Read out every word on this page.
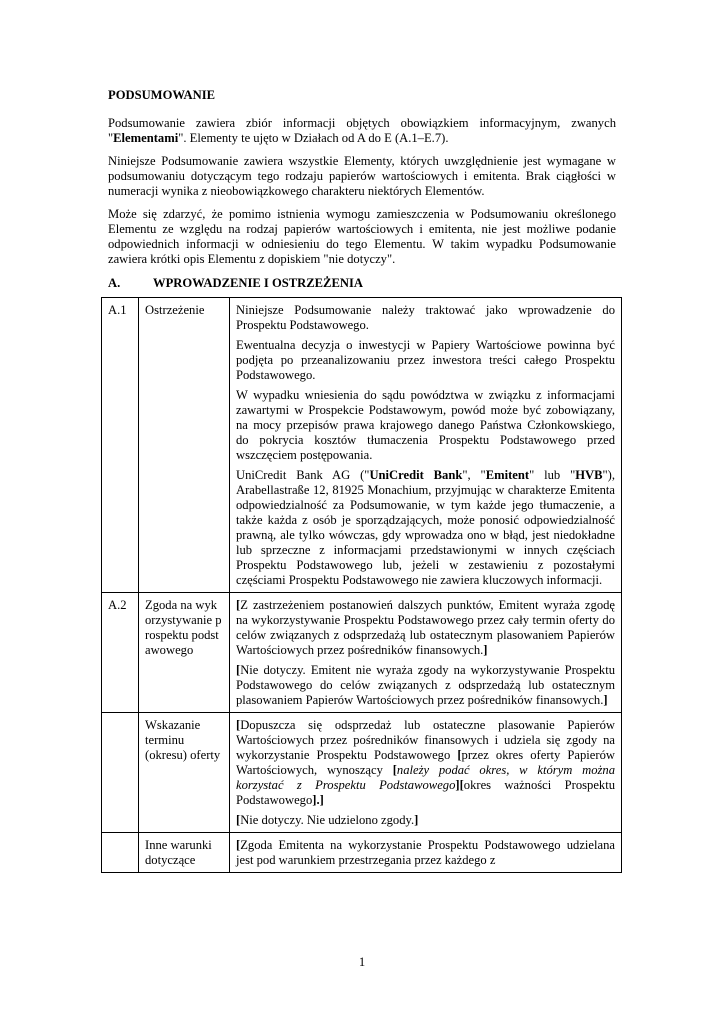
PODSUMOWANIE

Podsumowanie zawiera zbiór informacji objętych obowiązkiem informacyjnym, zwanych "Elementami". Elementy te ujęto w Działach od A do E (A.1–E.7).

Niniejsze Podsumowanie zawiera wszystkie Elementy, których uwzględnienie jest wymagane w podsumowaniu dotyczącym tego rodzaju papierów wartościowych i emitenta. Brak ciągłości w numeracji wynika z nieobowiązkowego charakteru niektórych Elementów.

Może się zdarzyć, że pomimo istnienia wymogu zamieszczenia w Podsumowaniu określonego Elementu ze względu na rodzaj papierów wartościowych i emitenta, nie jest możliwe podanie odpowiednich informacji w odniesieniu do tego Elementu. W takim wypadku Podsumowanie zawiera krótki opis Elementu z dopiskiem "nie dotyczy".

A.	WPROWADZENIE I OSTRZEŻENIA
A.1	Ostrzeżenie	Niniejsze Podsumowanie należy traktować jako wprowadzenie do Prospektu Podstawowego.

Ewentualna decyzja o inwestycji w Papiery Wartościowe powinna być podjęta po przeanalizowaniu przez inwestora treści całego Prospektu Podstawowego.

W wypadku wniesienia do sądu powództwa w związku z informacjami zawartymi w Prospekcie Podstawowym, powód może być zobowiązany, na mocy przepisów prawa krajowego danego Państwa Członkowskiego, do pokrycia kosztów tłumaczenia Prospektu Podstawowego przed wszczęciem postępowania.

UniCredit Bank AG ("UniCredit Bank", "Emitent" lub "HVB"), Arabellastraße 12, 81925 Monachium, przyjmując w charakterze Emitenta odpowiedzialność za Podsumowanie, w tym każde jego tłumaczenie, a także każda z osób je sporządzających, może ponosić odpowiedzialność prawną, ale tylko wówczas, gdy wprowadza ono w błąd, jest niedokładne lub sprzeczne z informacjami przedstawionymi w innych częściach Prospektu Podstawowego lub, jeżeli w zestawieniu z pozostałymi częściami Prospektu Podstawowego nie zawiera kluczowych informacji.

A.2	Zgoda na wykorzystywanie prospektu podstawowego	[Z zastrzeżeniem postanowień dalszych punktów, Emitent wyraża zgodę na wykorzystywanie Prospektu Podstawowego przez cały termin oferty do celów związanych z odsprzedażą lub ostatecznym plasowaniem Papierów Wartościowych przez pośredników finansowych.]

[Nie dotyczy. Emitent nie wyraża zgody na wykorzystywanie Prospektu Podstawowego do celów związanych z odsprzedażą lub ostatecznym plasowaniem Papierów Wartościowych przez pośredników finansowych.]

	Wskazanie terminu (okresu) oferty	[Dopuszcza się odsprzedaż lub ostateczne plasowanie Papierów Wartościowych przez pośredników finansowych i udziela się zgody na wykorzystanie Prospektu Podstawowego [przez okres oferty Papierów Wartościowych, wynoszący [należy podać okres, w którym można korzystać z Prospektu Podstawowego][okres ważności Prospektu Podstawowego].]

[Nie dotyczy. Nie udzielono zgody.]

	Inne warunki dotyczące	[Zgoda Emitenta na wykorzystanie Prospektu Podstawowego udzielana jest pod warunkiem przestrzegania przez każdego z

1
